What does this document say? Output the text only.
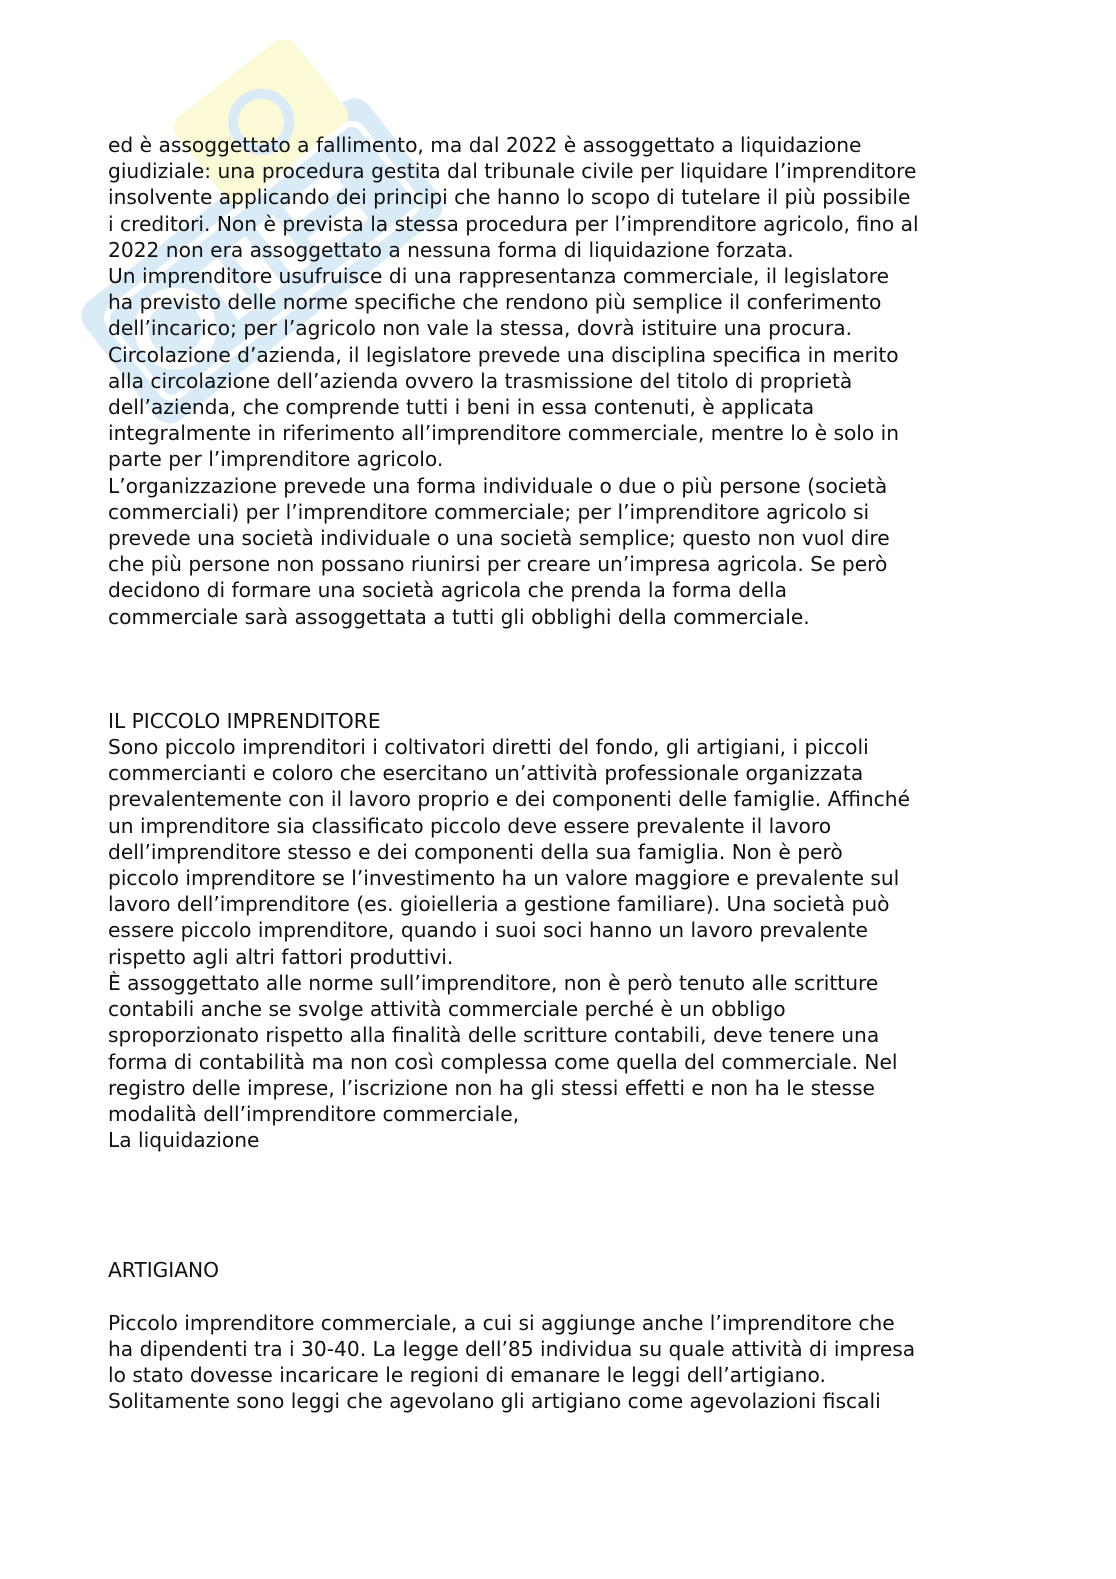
ed è assoggettato a fallimento, ma dal 2022 è assoggettato a liquidazione
giudiziale: una procedura gestita dal tribunale civile per liquidare l’imprenditore
insolvente applicando dei principi che hanno lo scopo di tutelare il più possibile
i creditori. Non è prevista la stessa procedura per l’imprenditore agricolo, fino al
2022 non era assoggettato a nessuna forma di liquidazione forzata.
Un imprenditore usufruisce di una rappresentanza commerciale, il legislatore
ha previsto delle norme specifiche che rendono più semplice il conferimento
dell’incarico; per l’agricolo non vale la stessa, dovrà istituire una procura.
Circolazione d’azienda, il legislatore prevede una disciplina specifica in merito
alla circolazione dell’azienda ovvero la trasmissione del titolo di proprietà
dell’azienda, che comprende tutti i beni in essa contenuti, è applicata
integralmente in riferimento all’imprenditore commerciale, mentre lo è solo in
parte per l’imprenditore agricolo.
L’organizzazione prevede una forma individuale o due o più persone (società
commerciali) per l’imprenditore commerciale; per l’imprenditore agricolo si
prevede una società individuale o una società semplice; questo non vuol dire
che più persone non possano riunirsi per creare un’impresa agricola. Se però
decidono di formare una società agricola che prenda la forma della
commerciale sarà assoggettata a tutti gli obblighi della commerciale.
IL PICCOLO IMPRENDITORE
Sono piccolo imprenditori i coltivatori diretti del fondo, gli artigiani, i piccoli
commercianti e coloro che esercitano un’attività professionale organizzata
prevalentemente con il lavoro proprio e dei componenti delle famiglie. Affinché
un imprenditore sia classificato piccolo deve essere prevalente il lavoro
dell’imprenditore stesso e dei componenti della sua famiglia. Non è però
piccolo imprenditore se l’investimento ha un valore maggiore e prevalente sul
lavoro dell’imprenditore (es. gioielleria a gestione familiare). Una società può
essere piccolo imprenditore, quando i suoi soci hanno un lavoro prevalente
rispetto agli altri fattori produttivi.
È assoggettato alle norme sull’imprenditore, non è però tenuto alle scritture
contabili anche se svolge attività commerciale perché è un obbligo
sproporzionato rispetto alla finalità delle scritture contabili, deve tenere una
forma di contabilità ma non così complessa come quella del commerciale. Nel
registro delle imprese, l’iscrizione non ha gli stessi effetti e non ha le stesse
modalità dell’imprenditore commerciale,
La liquidazione
ARTIGIANO
Piccolo imprenditore commerciale, a cui si aggiunge anche l’imprenditore che
ha dipendenti tra i 30-40. La legge dell’85 individua su quale attività di impresa
lo stato dovesse incaricare le regioni di emanare le leggi dell’artigiano.
Solitamente sono leggi che agevolano gli artigiano come agevolazioni fiscali
